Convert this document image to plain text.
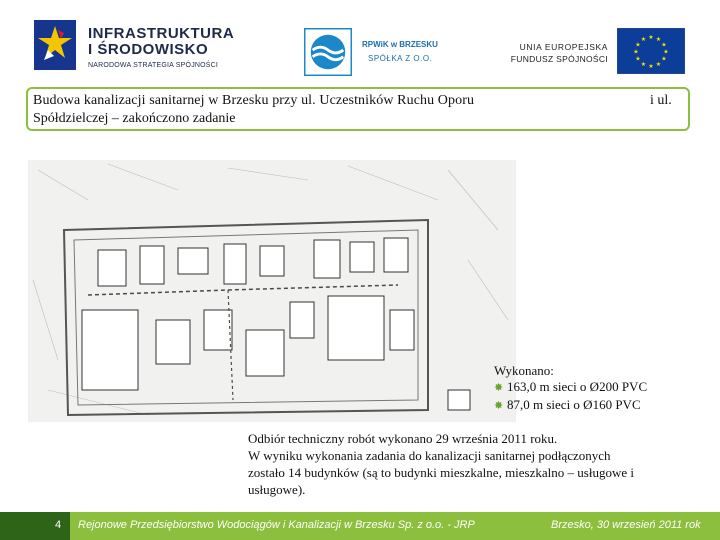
INFRASTRUKTURA
I ŚRODOWISKO
NARODOWA STRATEGIA SPÓJNOŚCI
RPWiK w BRZESKU
SPÓŁKA Z O.O.
UNIA EUROPEJSKA
FUNDUSZ SPÓJNOŚCI
★ ★
★
★
★
★
★
★
★
★
★
★
Budowa kanalizacji sanitarnej w Brzesku przy ul. Uczestników Ruchu Oporu	i ul.
Spółdzielczej – zakończono zadanie
Wykonano:
✸ 163,0 m sieci o Ø200 PVC
✸ 87,0 m sieci o Ø160 PVC
Odbiór techniczny robót wykonano 29 września 2011 roku.
W wyniku wykonania zadania do kanalizacji sanitarnej podłączonych
zostało 14 budynków (są to budynki mieszkalne, mieszkalno – usługowe i
usługowe).
4 Rejonowe Przedsiębiorstwo Wodociągów i Kanalizacji w Brzesku Sp. z o.o. - JRP	Brzesko, 30 wrzesień 2011 rok
